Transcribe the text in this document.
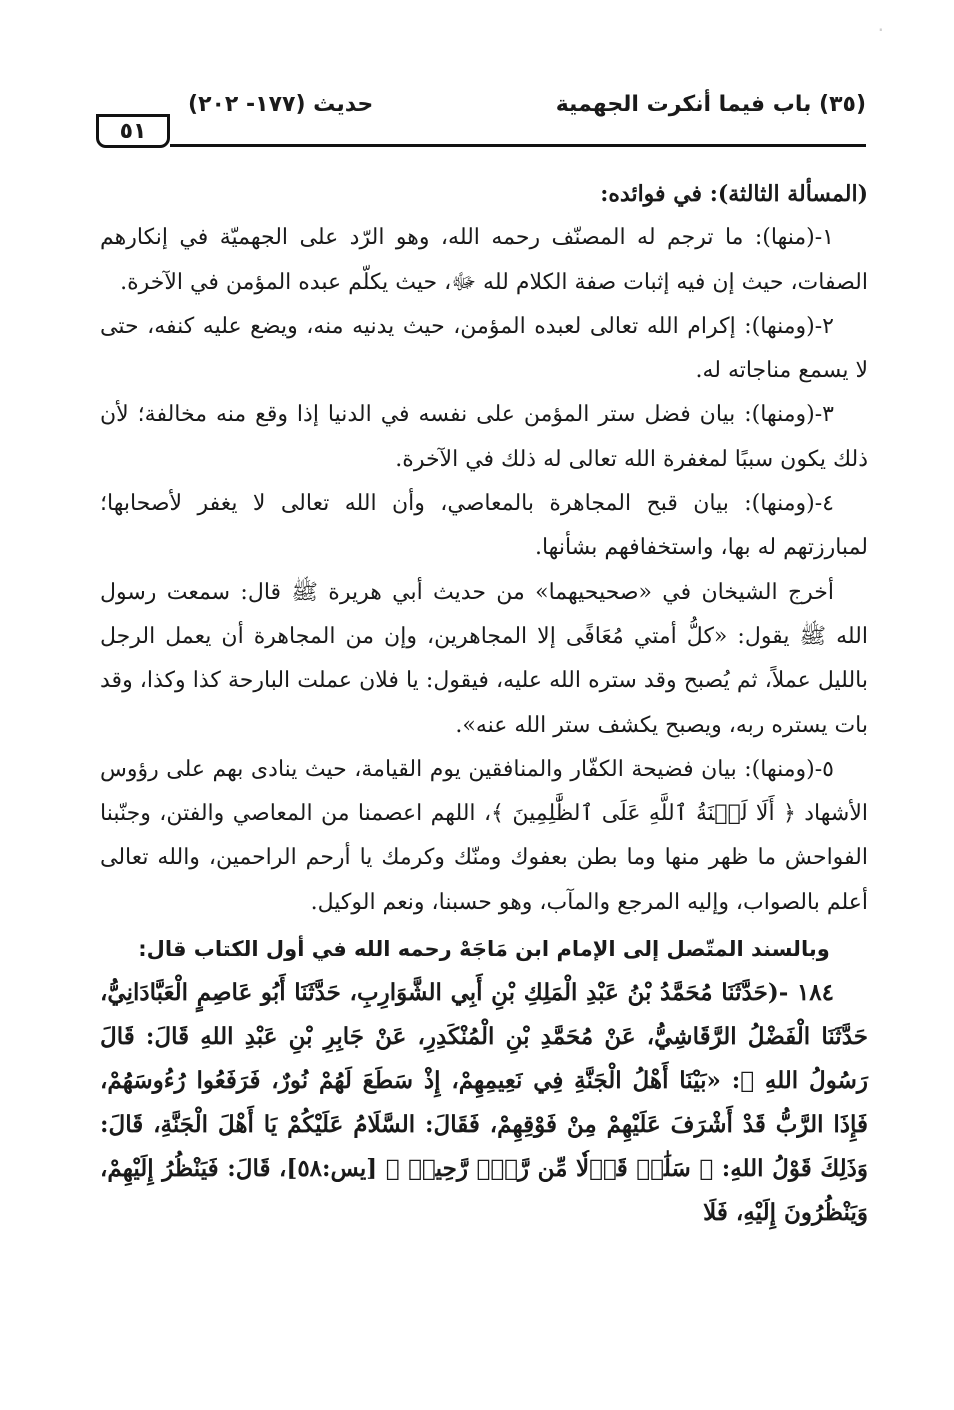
·
(٣٥) باب فيما أنكرت الجهمية
حديث (١٧٧- ٢٠٢)
٥١

(المسألة الثالثة): في فوائده:

١-(منها): ما ترجم له المصنّف رحمه الله، وهو الرّد على الجهميّة في إنكارهم الصفات، حيث إن فيه إثبات صفة الكلام لله ﷻ، حيث يكلّم عبده المؤمن في الآخرة.

٢-(ومنها): إكرام الله تعالى لعبده المؤمن، حيث يدنيه منه، ويضع عليه كنفه، حتى لا يسمع مناجاته له.

٣-(ومنها): بيان فضل ستر المؤمن على نفسه في الدنيا إذا وقع منه مخالفة؛ لأن ذلك يكون سببًا لمغفرة الله تعالى له ذلك في الآخرة.

٤-(ومنها): بيان قبح المجاهرة بالمعاصي، وأن الله تعالى لا يغفر لأصحابها؛ لمبارزتهم له بها، واستخفافهم بشأنها.

أخرج الشيخان في «صحيحيهما» من حديث أبي هريرة ﷺ قال: سمعت رسول الله ﷺ يقول: «كلُّ أمتي مُعَافًى إلا المجاهرين، وإن من المجاهرة أن يعمل الرجل بالليل عملاً، ثم يُصبح وقد ستره الله عليه، فيقول: يا فلان عملت البارحة كذا وكذا، وقد بات يستره ربه، ويصبح يكشف ستر الله عنه».

٥-(ومنها): بيان فضيحة الكفّار والمنافقين يوم القيامة، حيث ينادى بهم على رؤوس الأشهاد ﴿ أَلَا لَعۡنَةُ ٱللَّهِ عَلَى ٱلظَّٰلِمِينَ ﴾، اللهم اعصمنا من المعاصي والفتن، وجنّبنا الفواحش ما ظهر منها وما بطن بعفوك ومنّك وكرمك يا أرحم الراحمين، والله تعالى أعلم بالصواب، وإليه المرجع والمآب، وهو حسبنا، ونعم الوكيل.

وبالسند المتّصل إلى الإمام ابن مَاجَهْ رحمه الله في أول الكتاب قال:

١٨٤ -(حَدَّثَنَا مُحَمَّدُ بْنُ عَبْدِ الْمَلِكِ بْنِ أَبِي الشَّوَارِبِ، حَدَّثَنَا أَبُو عَاصِمٍ الْعَبَّادَانِيُّ، حَدَّثَنَا الْفَضْلُ الرَّقَاشِيُّ، عَنْ مُحَمَّدِ بْنِ الْمُنْكَدِرِ، عَنْ جَابِرِ بْنِ عَبْدِ اللهِ قَالَ: قَالَ رَسُولُ اللهِ ﷺ: «بَيْنَا أَهْلُ الْجَنَّةِ فِي نَعِيمِهِمْ، إِذْ سَطَعَ لَهُمْ نُورٌ، فَرَفَعُوا رُءُوسَهُمْ، فَإِذَا الرَّبُّ قَدْ أَشْرَفَ عَلَيْهِمْ مِنْ فَوْقِهِمْ، فَقَالَ: السَّلَامُ عَلَيْكُمْ يَا أَهْلَ الْجَنَّةِ، قَالَ: وَذَلِكَ قَوْلُ اللهِ: ﴿ سَلَٰمٞ قَوۡلٗا مِّن رَّبّٖ رَّحِيمٖ ﴾ [يس:٥٨]، قَالَ: فَيَنْظُرُ إِلَيْهِمْ، وَيَنْظُرُونَ إِلَيْهِ، فَلَا
